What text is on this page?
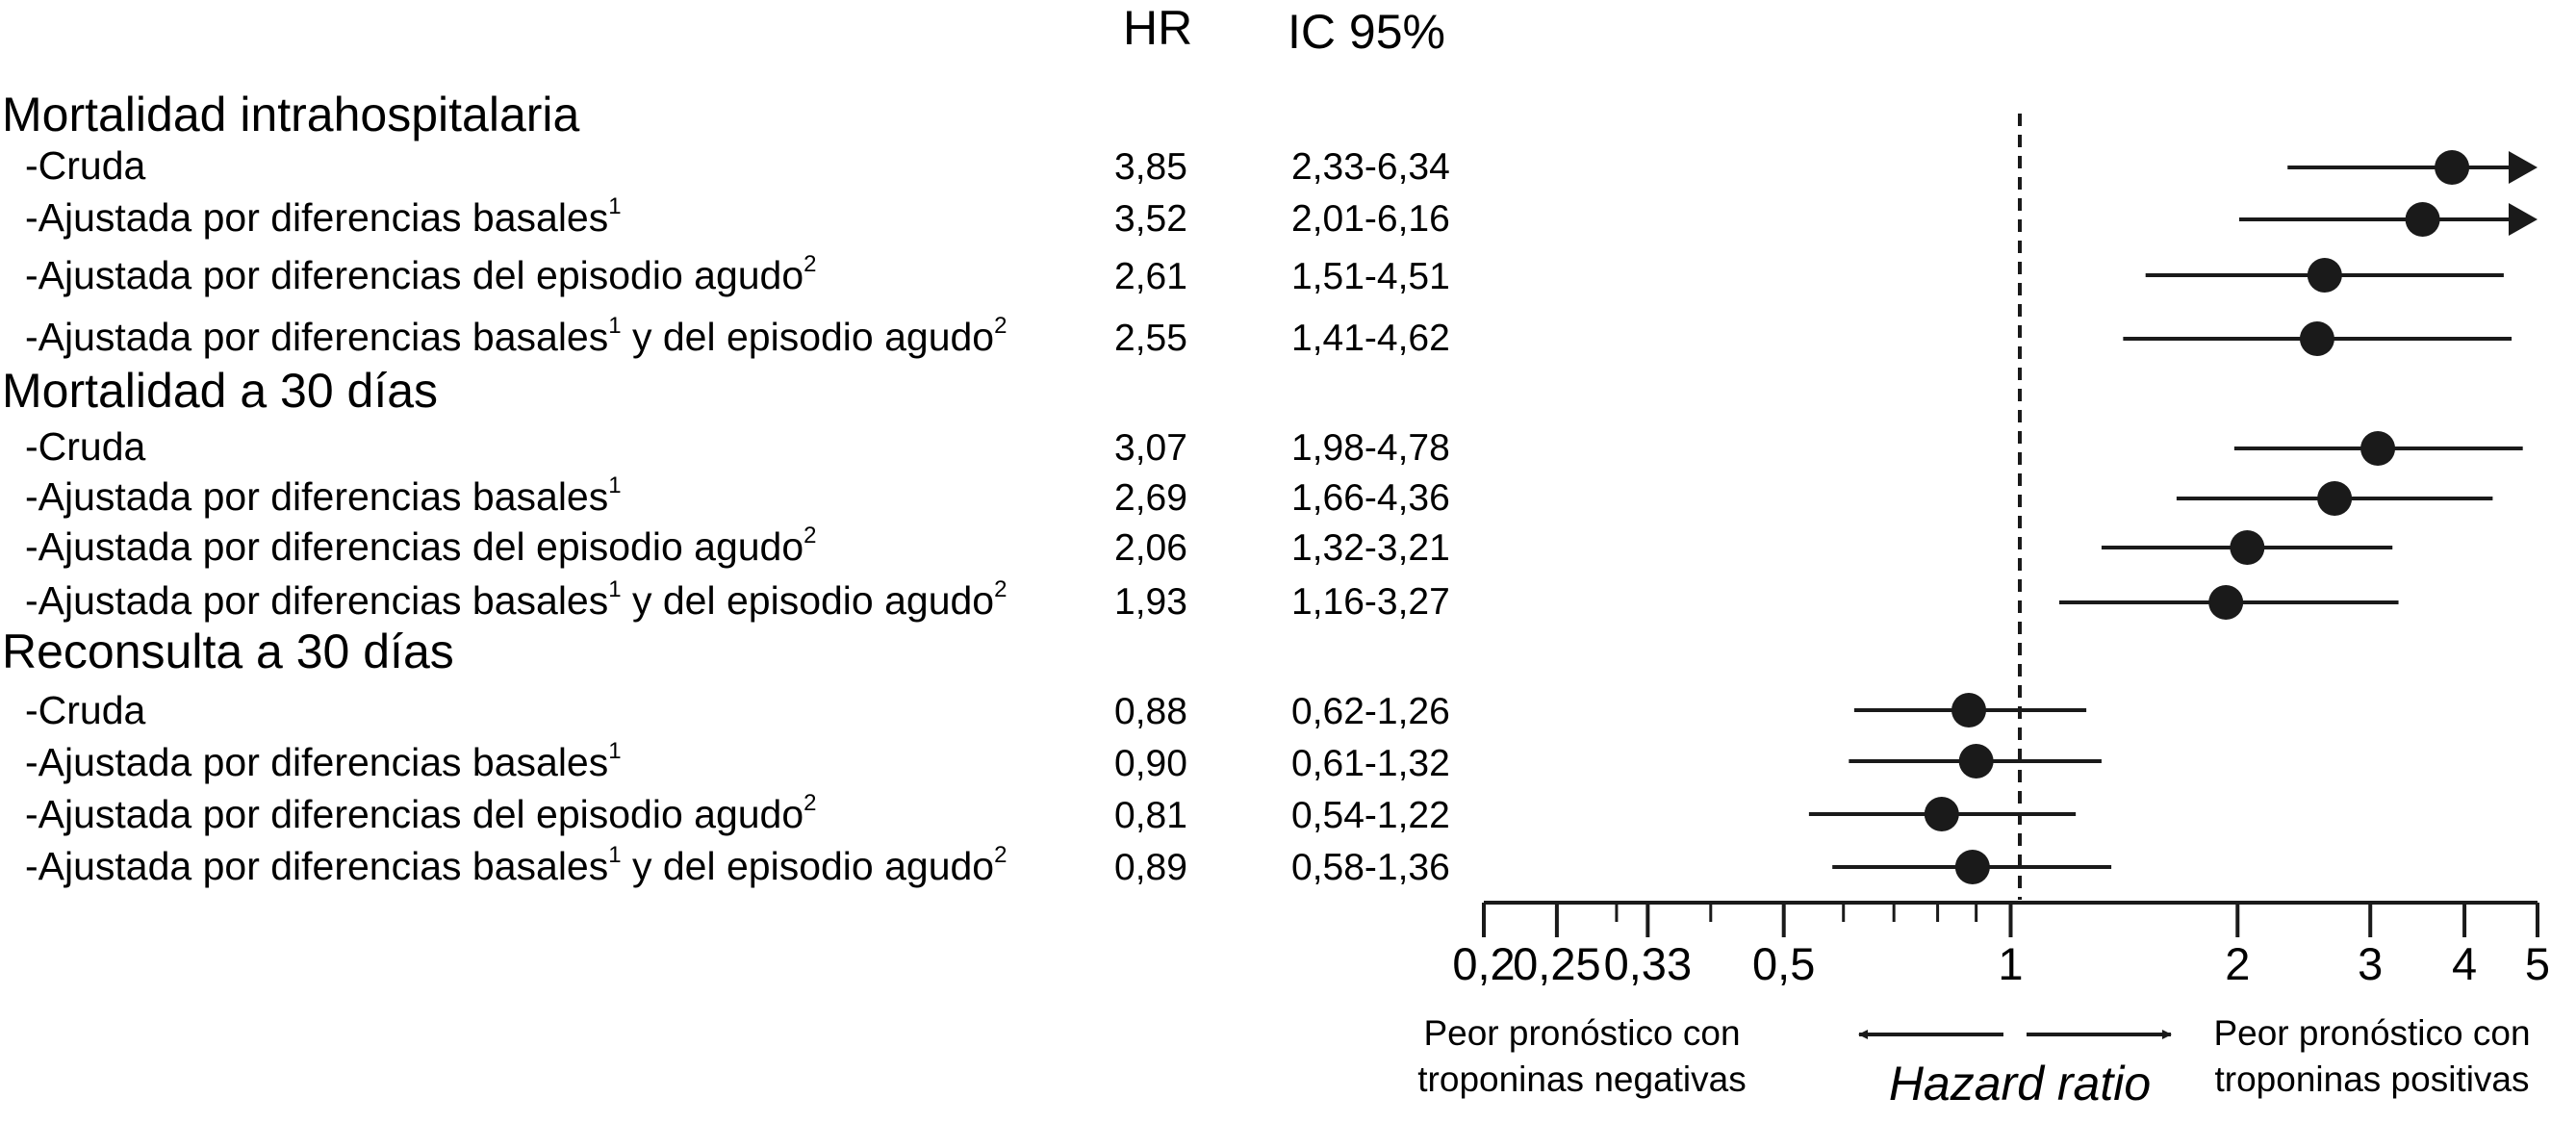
HR IC 95%
Mortalidad intrahospitalaria
-Cruda	3,85	2,33-6,34
-Ajustada por diferencias basales$^1$	3,52	2,01-6,16
-Ajustada por diferencias del episodio agudo$^2$	2,61	1,51-4,51
-Ajustada por diferencias basales$^1$ y del episodio agudo$^2$	2,55	1,41-4,62
Mortalidad a 30 días
-Cruda	3,07	1,98-4,78
-Ajustada por diferencias basales$^1$	2,69	1,66-4,36
-Ajustada por diferencias del episodio agudo$^2$	2,06	1,32-3,21
-Ajustada por diferencias basales$^1$ y del episodio agudo$^2$	1,93	1,16-3,27
Reconsulta a 30 días
-Cruda	0,88	0,62-1,26
-Ajustada por diferencias basales$^1$	0,90	0,61-1,32
-Ajustada por diferencias del episodio agudo$^2$	0,81	0,54-1,22
-Ajustada por diferencias basales$^1$ y del episodio agudo$^2$	0,89	0,58-1,36
0,2
0,25 0,33 0,5	1	2 3 4 5
Peor pronóstico con
troponinas negativas
Peor pronóstico con
troponinas positivas
Hazard ratio
